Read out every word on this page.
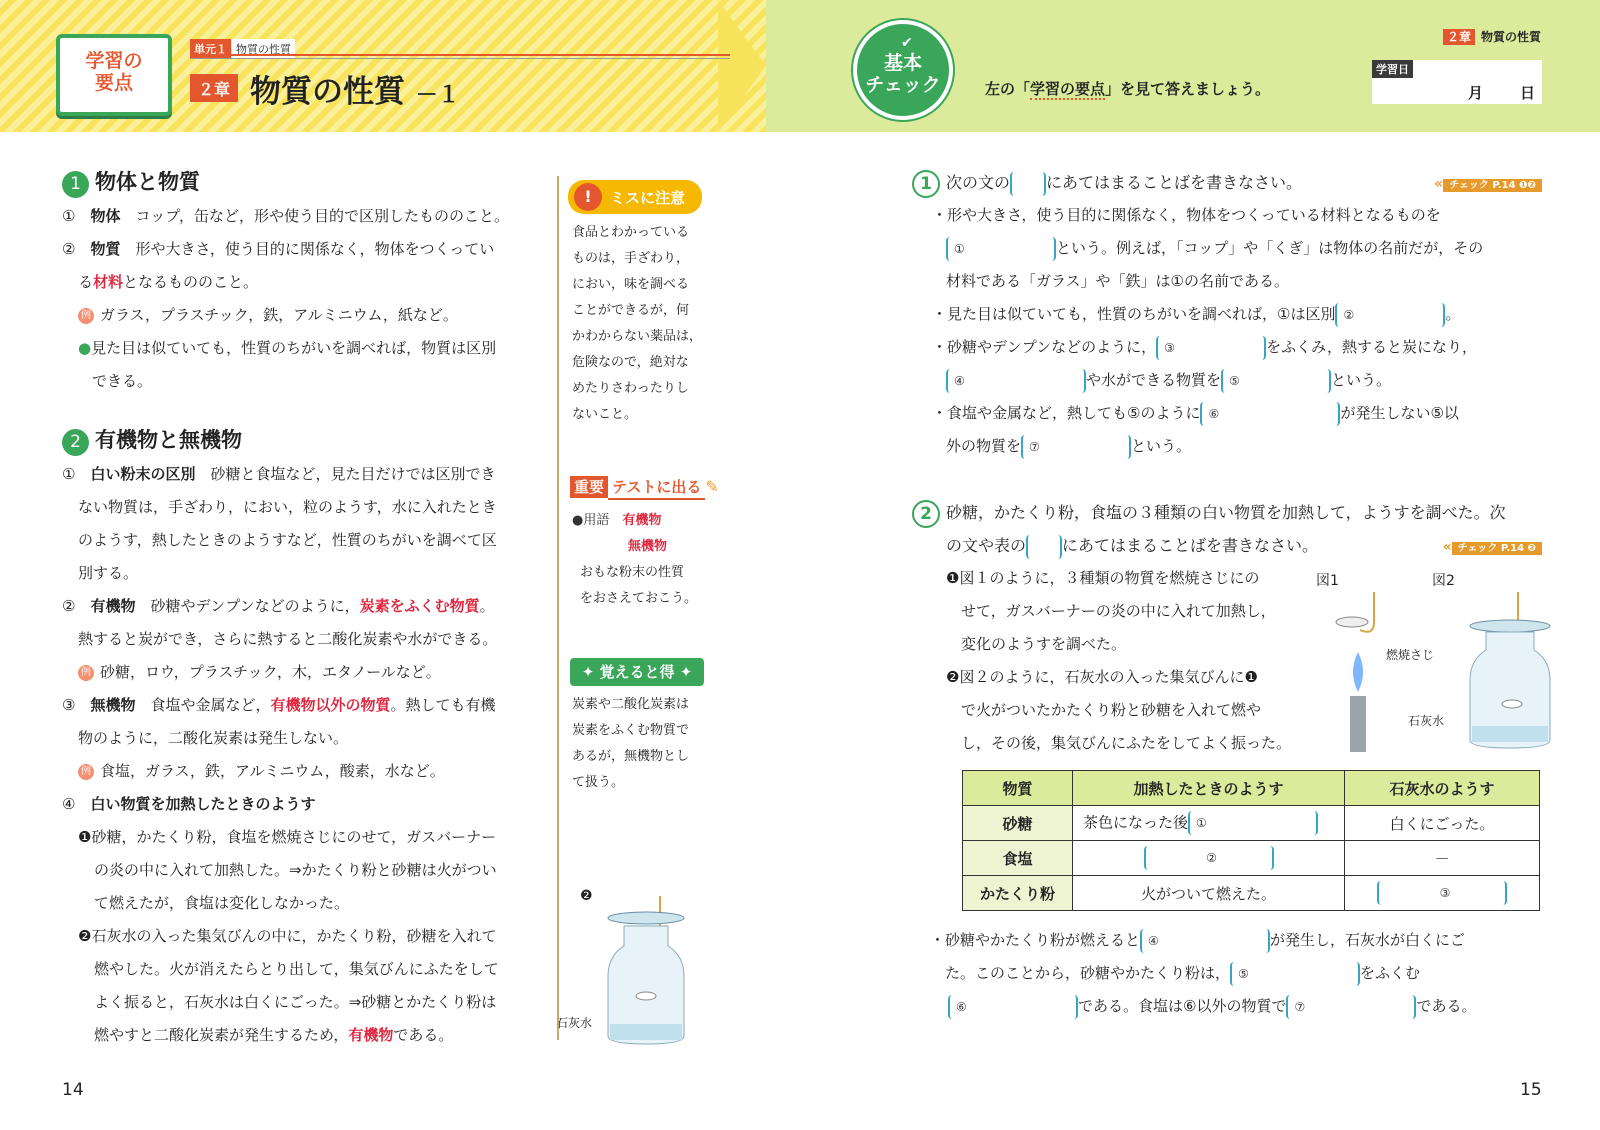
学習の
要点
単元１ 物質の性質
２章 物質の性質 －１
✔
基本
チェック	左の「学習の要点」を見て答えましょう。
２章 物質の性質
学習日
月 日
1 物体と物質
①　 物体　 コップ，缶など，形や使う目的で区別したもののこと。
②　 物質　 形や大きさ，使う目的に関係なく，物体をつくってい
る材料となるもののこと。
例 ガラス，プラスチック，鉄，アルミニウム，紙など。
●見た目は似ていても，性質のちがいを調べれば，物質は区別
できる。
2 有機物と無機物
①　 白い粉末の区別　 砂糖と食塩など，見た目だけでは区別でき
ない物質は，手ざわり，におい，粒のようす，水に入れたとき
のようす，熱したときのようすなど，性質のちがいを調べて区
別する。
②　 有機物　 砂糖やデンプンなどのように，炭素をふくむ物質。
熱すると炭ができ，さらに熱すると二酸化炭素や水ができる。
例 砂糖，ロウ，プラスチック，木，エタノールなど。
③　 無機物　 食塩や金属など，有機物以外の物質。熱しても有機
物のように，二酸化炭素は発生しない。
例 食塩，ガラス，鉄，アルミニウム，酸素，水など。
④　 白い物質を加熱したときのようす
❶砂糖，かたくり粉，食塩を燃焼さじにのせて，ガスバーナー
の炎の中に入れて加熱した。⇒かたくり粉と砂糖は火がつい
て燃えたが，食塩は変化しなかった。
❷石灰水の入った集気びんの中に，かたくり粉，砂糖を入れて
燃やした。火が消えたらとり出して，集気びんにふたをして
よく振ると，石灰水は白くにごった。⇒砂糖とかたくり粉は
燃やすと二酸化炭素が発生するため，有機物である。
❷
石灰水
14
!	ミスに注意
食品とわかっている
ものは，手ざわり，
におい，味を調べる
ことができるが，何
かわからない薬品は，
危険なので，絶対な
めたりさわったりし
ないこと。
重要 テストに出る ✎
●用語　 有機物
無機物
おもな粉末の性質
をおさえておこう。
✦ 覚えると得 ✦
炭素や二酸化炭素は
炭素をふくむ物質で
あるが，無機物とし
て扱う。
1 次の文の にあてはまることばを書きなさい。	« チェック P.14 ❶❷
・形や大きさ，使う目的に関係なく，物体をつくっている材料となるものを
①	という。例えば，「コップ」や「くぎ」は物体の名前だが，その
材料である「ガラス」や「鉄」は①の名前である。
・見た目は似ていても，性質のちがいを調べれば，①は区別 ②	。
・砂糖やデンプンなどのように， ③	をふくみ，熱すると炭になり，
④	や水ができる物質を ⑤	という。
・食塩や金属など，熱しても⑤のように ⑥	が発生しない⑤以
外の物質を ⑦	という。
2 砂糖，かたくり粉，食塩の３種類の白い物質を加熱して，ようすを調べた。次
の文や表の にあてはまることばを書きなさい。	« チェック P.14 ❷
❶図１のように，３種類の物質を燃焼さじにの
　せて，ガスバーナーの炎の中に入れて加熱し，
　変化のようすを調べた。
❷図２のように，石灰水の入った集気びんに❶
　で火がついたかたくり粉と砂糖を入れて燃や
　し，その後，集気びんにふたをしてよく振った。
図1	図2
燃焼さじ
石灰水
物質	加熱したときのようす	石灰水のようす
砂糖	茶色になった後 ①	白くにごった。
食塩	②	－
かたくり粉	火がついて燃えた。	③
・砂糖やかたくり粉が燃えると ④	が発生し，石灰水が白くにご
　た。このことから，砂糖やかたくり粉は， ⑤	をふくむ
⑥	である。食塩は⑥以外の物質で ⑦	である。
15
